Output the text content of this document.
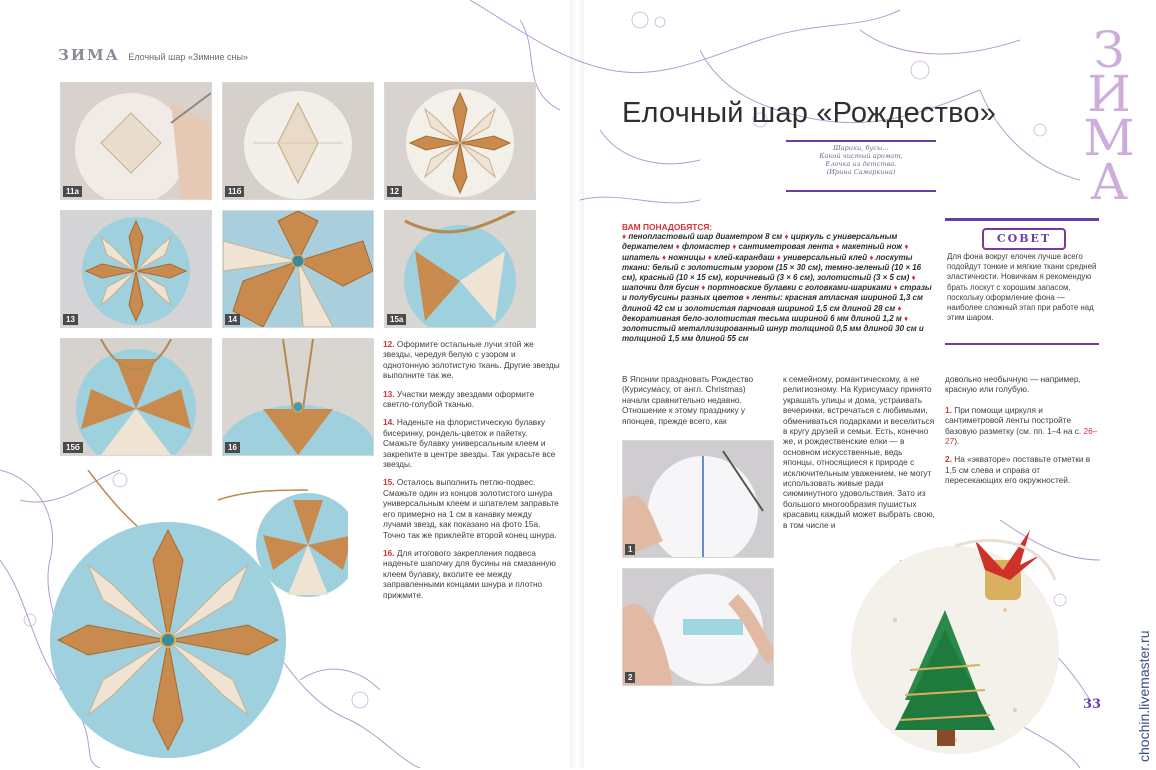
ЗИМА Елочный шар «Зимние сны»
11а	11б	12
13	14	15а
15б	16

12. Оформите остальные лучи этой же звезды, чередуя белую с узором и однотонную золотистую ткань. Другие звезды выполните так же.

13. Участки между звездами оформите светло-голубой тканью.

14. Наденьте на флористическую булавку бисеринку, рондель-цветок и пайетку. Смажьте булавку универсальным клеем и закрепите в центре звезды. Так украсьте все звезды.

15. Осталось выполнить петлю-подвес. Смажьте один из концов золотистого шнура универсальным клеем и шпателем заправьте его примерно на 1 см в канавку между лучами звезд, как показано на фото 15а. Точно так же приклейте второй конец шнура.

16. Для итогового закрепления подвеса наденьте шапочку для бусины на смазанную клеем булавку, вколите ее между заправленными концами шнура и плотно прижмите.

Елочный шар «Рождество»
Шарики, бусы…
Какой чистый аромат,
Елочка из детства.
(Ирина Самаркина)
ВАМ ПОНАДОБЯТСЯ:
♦ пенопластовый шар диаметром 8 см ♦ циркуль с универсальным держателем ♦ фломастер ♦ сантиметровая лента ♦ макетный нож ♦ шпатель ♦ ножницы ♦ клей-карандаш ♦ универсальный клей ♦ лоскуты ткани: белый с золотистым узором (15 × 30 см), темно-зеленый (10 × 16 см), красный (10 × 15 см), коричневый (3 × 6 см), золотистый (3 × 5 см) ♦ шапочки для бусин ♦ портновские булавки с головками-шариками ♦ стразы и полубусины разных цветов ♦ ленты: красная атласная шириной 1,3 см длиной 42 см и золотистая парчовая шириной 1,5 см длиной 28 см ♦ декоративная бело-золотистая тесьма шириной 6 мм длиной 1,2 м ♦ золотистый металлизированный шнур толщиной 0,5 мм длиной 30 см и толщиной 1,5 мм длиной 55 см
СОВЕТ
Для фона вокруг елочек лучше всего подойдут тонкие и мягкие ткани средней эластичности. Новичкам я рекомендую брать лоскут с хорошим запасом, поскольку оформление фона — наиболее сложный этап при работе над этим шаром.
1
2
В Японии праздновать Рождество (Курисумасу, от англ. Christmas) начали сравнительно недавно. Отношение к этому празднику у японцев, прежде всего, как
к семейному, романтическому, а не религиозному. На Курисумасу принято украшать улицы и дома, устраивать вечеринки, встречаться с любимыми, обмениваться подарками и веселиться в кругу друзей и семьи. Есть, конечно же, и рождественские елки — в основном искусственные, ведь японцы, относящиеся к природе с исключительным уважением, не могут использовать живые ради сиюминутного удовольствия. Зато из большого многообразия пушистых красавиц каждый может выбрать свою, в том числе и
довольно необычную — например, красную или голубую.

1. При помощи циркуля и сантиметровой ленты постройте базовую разметку (см. пп. 1–4 на с. 26–27).

2. На «экваторе» поставьте отметки в 1,5 см слева и справа от пересекающих его окружностей.

З
И
М
А
33 chochin.livemaster.ru
